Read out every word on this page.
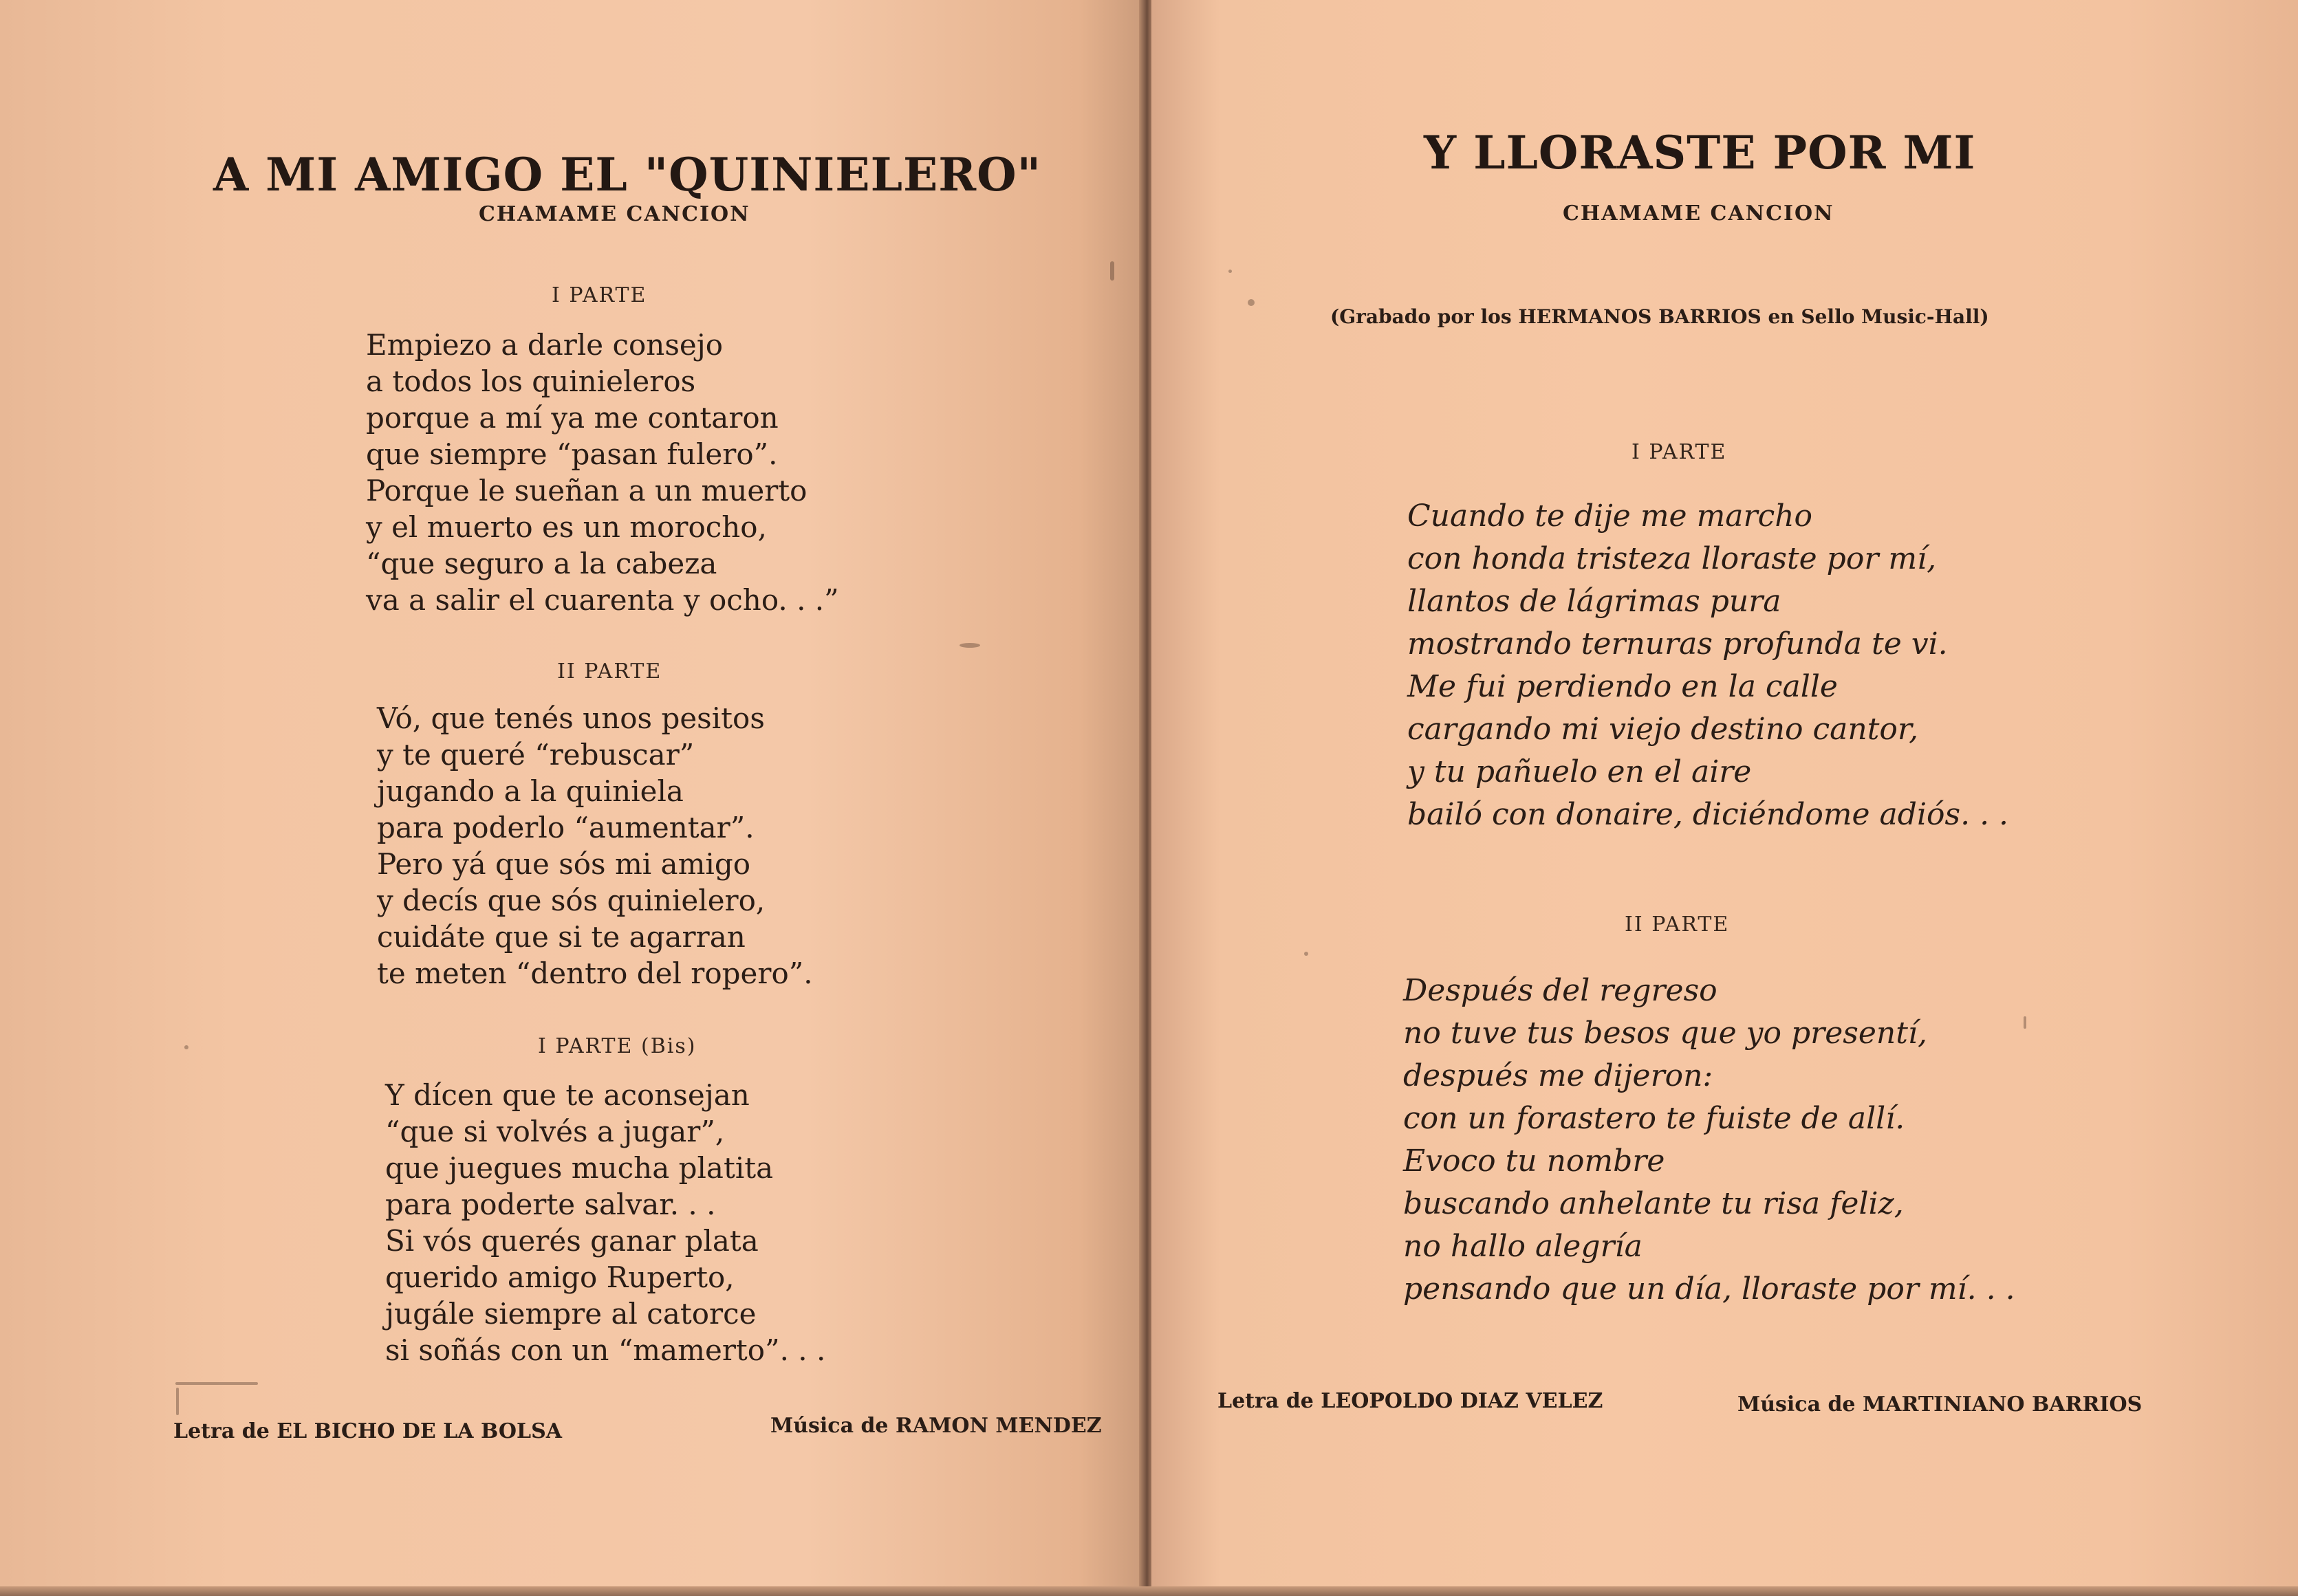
A MI AMIGO EL "QUINIELERO"
CHAMAME CANCION
I PARTE
Empiezo a darle consejo
a todos los quinieleros
porque a mí ya me contaron
que siempre “pasan fulero”.
Porque le sueñan a un muerto
y el muerto es un morocho,
“que seguro a la cabeza
va a salir el cuarenta y ocho. . .”
II PARTE
Vó, que tenés unos pesitos
y te queré “rebuscar”
jugando a la quiniela
para poderlo “aumentar”.
Pero yá que sós mi amigo
y decís que sós quinielero,
cuidáte que si te agarran
te meten “dentro del ropero”.
I PARTE (Bis)
Y dícen que te aconsejan
“que si volvés a jugar”,
que juegues mucha platita
para poderte salvar. . .
Si vós querés ganar plata
querido amigo Ruperto,
jugále siempre al catorce
si soñás con un “mamerto”. . .
Letra de EL BICHO DE LA BOLSA	Música de RAMON MENDEZ
Y LLORASTE POR MI
CHAMAME CANCION
(Grabado por los HERMANOS BARRIOS en Sello Music-Hall)
I PARTE
Cuando te dije me marcho
con honda tristeza lloraste por mí,
llantos de lágrimas pura
mostrando ternuras profunda te vi.
Me fui perdiendo en la calle
cargando mi viejo destino cantor,
y tu pañuelo en el aire
bailó con donaire, diciéndome adiós. . .
II PARTE
Después del regreso
no tuve tus besos que yo presentí,
después me dijeron:
con un forastero te fuiste de allí.
Evoco tu nombre
buscando anhelante tu risa feliz,
no hallo alegría
pensando que un día, lloraste por mí. . .
Letra de LEOPOLDO DIAZ VELEZ	Música de MARTINIANO BARRIOS
